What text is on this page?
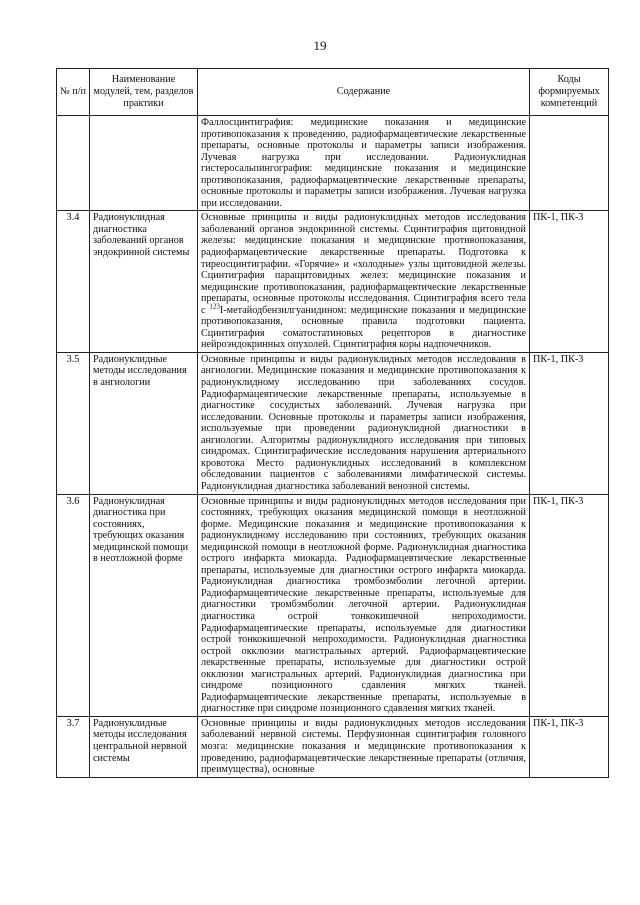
19
№ п/п	Наименование модулей, тем, разделов практики	Содержание	Коды формируемых компетенций

		Фаллосцинтиграфия: медицинские показания и медицинские противопоказания к проведению, радиофармацевтические лекарственные препараты, основные протоколы и параметры записи изображения. Лучевая нагрузка при исследовании. Радионуклидная гистеросальпингография: медицинские показания и медицинские противопоказания, радиофармацевтические лекарственные препараты, основные протоколы и параметры записи изображения. Лучевая нагрузка при исследовании.	

3.4	Радионуклидная диагностика заболеваний органов эндокринной системы	Основные принципы и виды радионуклидных методов исследования заболеваний органов эндокринной системы. Сцинтиграфия щитовидной железы: медицинские показания и медицинские противопоказания, радиофармацевтические лекарственные препараты. Подготовка к тиреосцинтиграфии. «Горячие» и «холодные» узлы щитовидной железы. Сцинтиграфия паращитовидных желез: медицинские показания и медицинские противопоказания, радиофармацевтические лекарственные препараты, основные протоколы исследования. Сцинтиграфия всего тела с $^{123}$I-метайодбензилгуанидином: медицинские показания и медицинские противопоказания, основные правила подготовки пациента. Сцинтиграфия соматостатиновых рецепторов в диагностике нейроэндокринных опухолей. Сцинтиграфия коры надпочечников.	ПК-1, ПК-3
3.5	Радионуклидные методы исследования в ангиологии	Основные принципы и виды радионуклидных методов исследования в ангиологии. Медицинские показания и медицинские противопоказания к радионуклидному исследованию при заболеваниях сосудов. Радиофармацевтические лекарственные препараты, используемые в диагностике сосудистых заболеваний. Лучевая нагрузка при исследовании. Основные протоколы и параметры записи изображения, используемые при проведении радионуклидной диагностики в ангиологии. Алгоритмы радионуклидного исследования при типовых синдромах. Сцинтиграфические исследования нарушения артериального кровотока Место радионуклидных исследований в комплексном обследовании пациентов с заболеваниями лимфатической системы. Радионуклидная диагностика заболеваний венозной системы.	ПК-1, ПК-3
3.6	Радионуклидная диагностика при состояниях, требующих оказания медицинской помощи в неотложной форме	Основные принципы и виды радионуклидных методов исследования при состояниях, требующих оказания медицинской помощи в неотложной форме. Медицинские показания и медицинские противопоказания к радионуклидному исследованию при состояниях, требующих оказания медицинской помощи в неотложной форме. Радионуклидная диагностика острого инфаркта миокарда. Радиофармацевтические лекарственные препараты, используемые для диагностики острого инфаркта миокарда. Радионуклидная диагностика тромбоэмболии легочной артерии. Радиофармацевтические лекарственные препараты, используемые для диагностики тромбэмболии легочной артерии. Радионуклидная диагностика острой тонкокишечной непроходимости. Радиофармацевтические препараты, используемые для диагностики острой тонкокишечной непроходимости. Радионуклидная диагностика острой окклюзии магистральных артерий. Радиофармацевтические лекарственные препараты, используемые для диагностики острой окклюзии магистральных артерий. Радионуклидная диагностика при синдроме позиционного сдавления мягких тканей. Радиофармацевтические лекарственные препараты, используемые в диагностике при синдроме позиционного сдавления мягких тканей.	ПК-1, ПК-3
3.7	Радионуклидные методы исследования центральной нервной системы	Основные принципы и виды радионуклидных методов исследования заболеваний нервной системы. Перфузионная сцинтиграфия головного мозга: медицинские показания и медицинские противопоказания к проведению, радиофармацевтические лекарственные препараты (отличия, преимущества), основные	ПК-1, ПК-3
